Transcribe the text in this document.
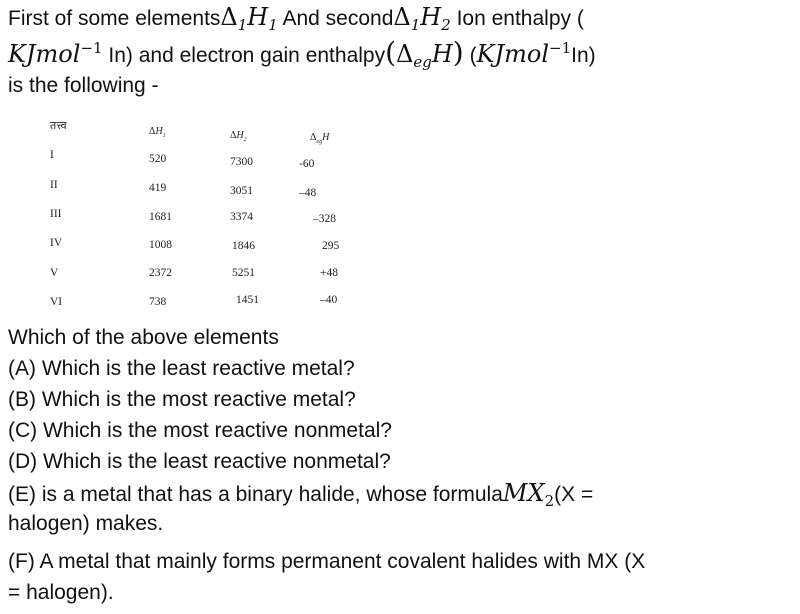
First of some $elements\Delta_1H_1$ And $second\Delta_1H_2$ Ion enthalpy (
KJmol$^{-1}$ In) and electron gain $enthalpy(\Delta_{eg}H)$ (KJmol$^{-1}$In)
is the following -
तत्त्व	$\Delta H_1$	$\Delta H_2$	$\Delta_{eg}H$
I	520	7300	-60
II	419	3051	–48
III	1681	3374	–328
IV	1008	1846	295
V	2372	5251	+48
VI	738	1451	–40
Which of the above elements
(A) Which is the least reactive metal?
(B) Which is the most reactive metal?
(C) Which is the most reactive nonmetal?
(D) Which is the least reactive nonmetal?
(E) is a metal that has a binary halide, whose formulaMX$_2$(X =
halogen) makes.
(F) A metal that mainly forms permanent covalent halides with MX (X
= halogen).
